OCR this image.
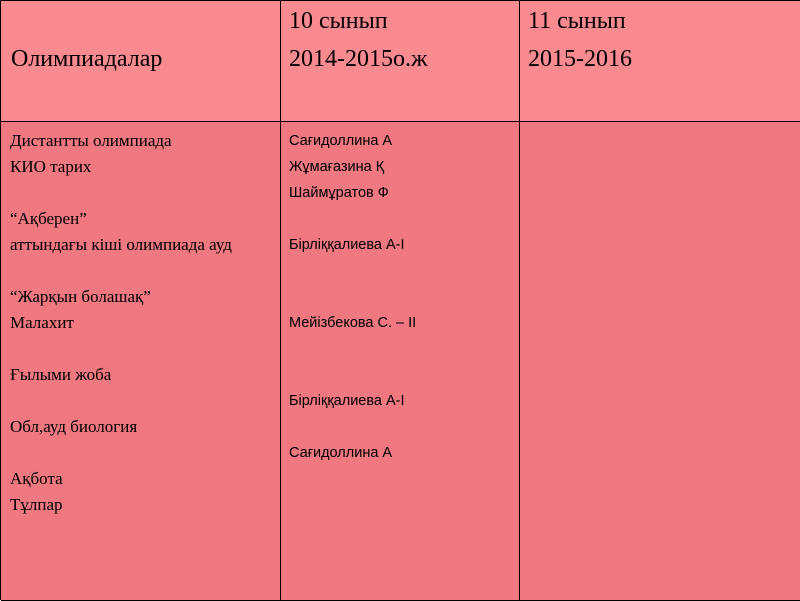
Олимпиадалар
10 сынып
2014-2015о.ж
11 сынып
2015-2016
Дистантты олимпиада
КИО тарих
“Ақберен”
аттындағы кіші олимпиада ауд
“Жарқын болашақ”
Малахит
Ғылыми жоба
Обл,ауд биология
Ақбота
Тұлпар
Сағидоллина А
Жұмағазина Қ
Шаймұратов Ф
Бірліққалиева А-І
Мейізбекова С. – ІІ
Бірліққалиева А-І
Сағидоллина А
